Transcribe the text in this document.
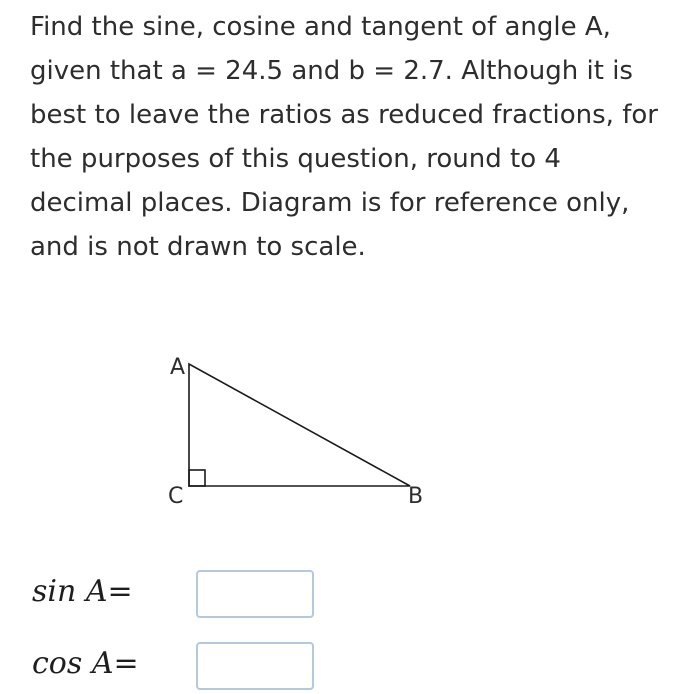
Find the sine, cosine and tangent of angle A,
given that a = 24.5 and b = 2.7. Although it is
best to leave the ratios as reduced fractions, for
the purposes of this question, round to 4
decimal places. Diagram is for reference only,
and is not drawn to scale.
A
C	B
sin A=
cos A=
